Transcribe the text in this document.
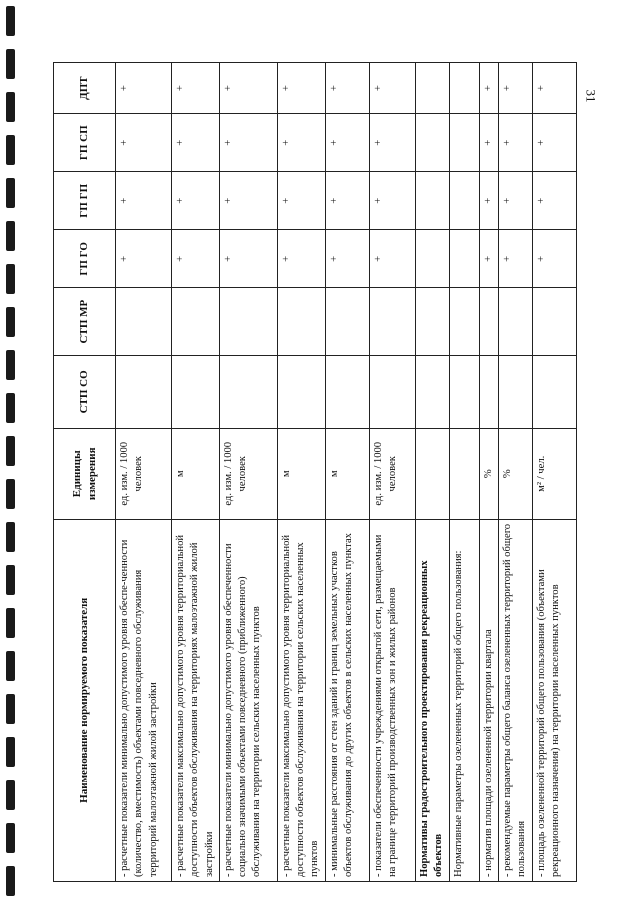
31
Наименование нормируемого показателя	Единицы измерения	СТП СО	СТП МР	ГП ГО	ГП ГП	ГП СП	ДПТ
- расчетные показатели минимально допустимого уровня обеспе-ченности (количество, вместимость) объектами повседневного обслуживания территорий малоэтажной жилой застройки	ед. изм. / 1000 человек			+	+	+	+
- расчетные показатели максимально допустимого уровня территориальной доступности объектов обслуживания на территориях малоэтажной жилой застройки	м			+	+	+	+
- расчетные показатели минимально допустимого уровня обеспеченности социально значимыми объектами повседневного (приближенного) обслуживания на территории сельских населенных пунктов	ед. изм. / 1000 человек			+	+	+	+
- расчетные показатели максимально допустимого уровня территориальной доступности объектов обслуживания на территории сельских населенных пунктов	м			+	+	+	+
- минимальные расстояния от стен зданий и границ земельных участков объектов обслуживания до других объектов в сельских населенных пунктах	м			+	+	+	+
- показатели обеспеченности учреждениями открытой сети, размещаемыми на границе территорий производственных зон и жилых районов	ед. изм. / 1000 человек			+	+	+	+
Нормативы градостроительного проектирования рекреационных объектов							
Нормативные параметры озелененных территорий общего пользования:							
- норматив площади озелененной территории квартала	%			+	+	+	+
- рекомендуемые параметры общего баланса озелененных территорий общего пользования	%			+	+	+	+
- площадь озелененной территорий общего пользования (объектами рекреационного назначения) на территории населенных пунктов	м² / чел.			+	+	+	+
